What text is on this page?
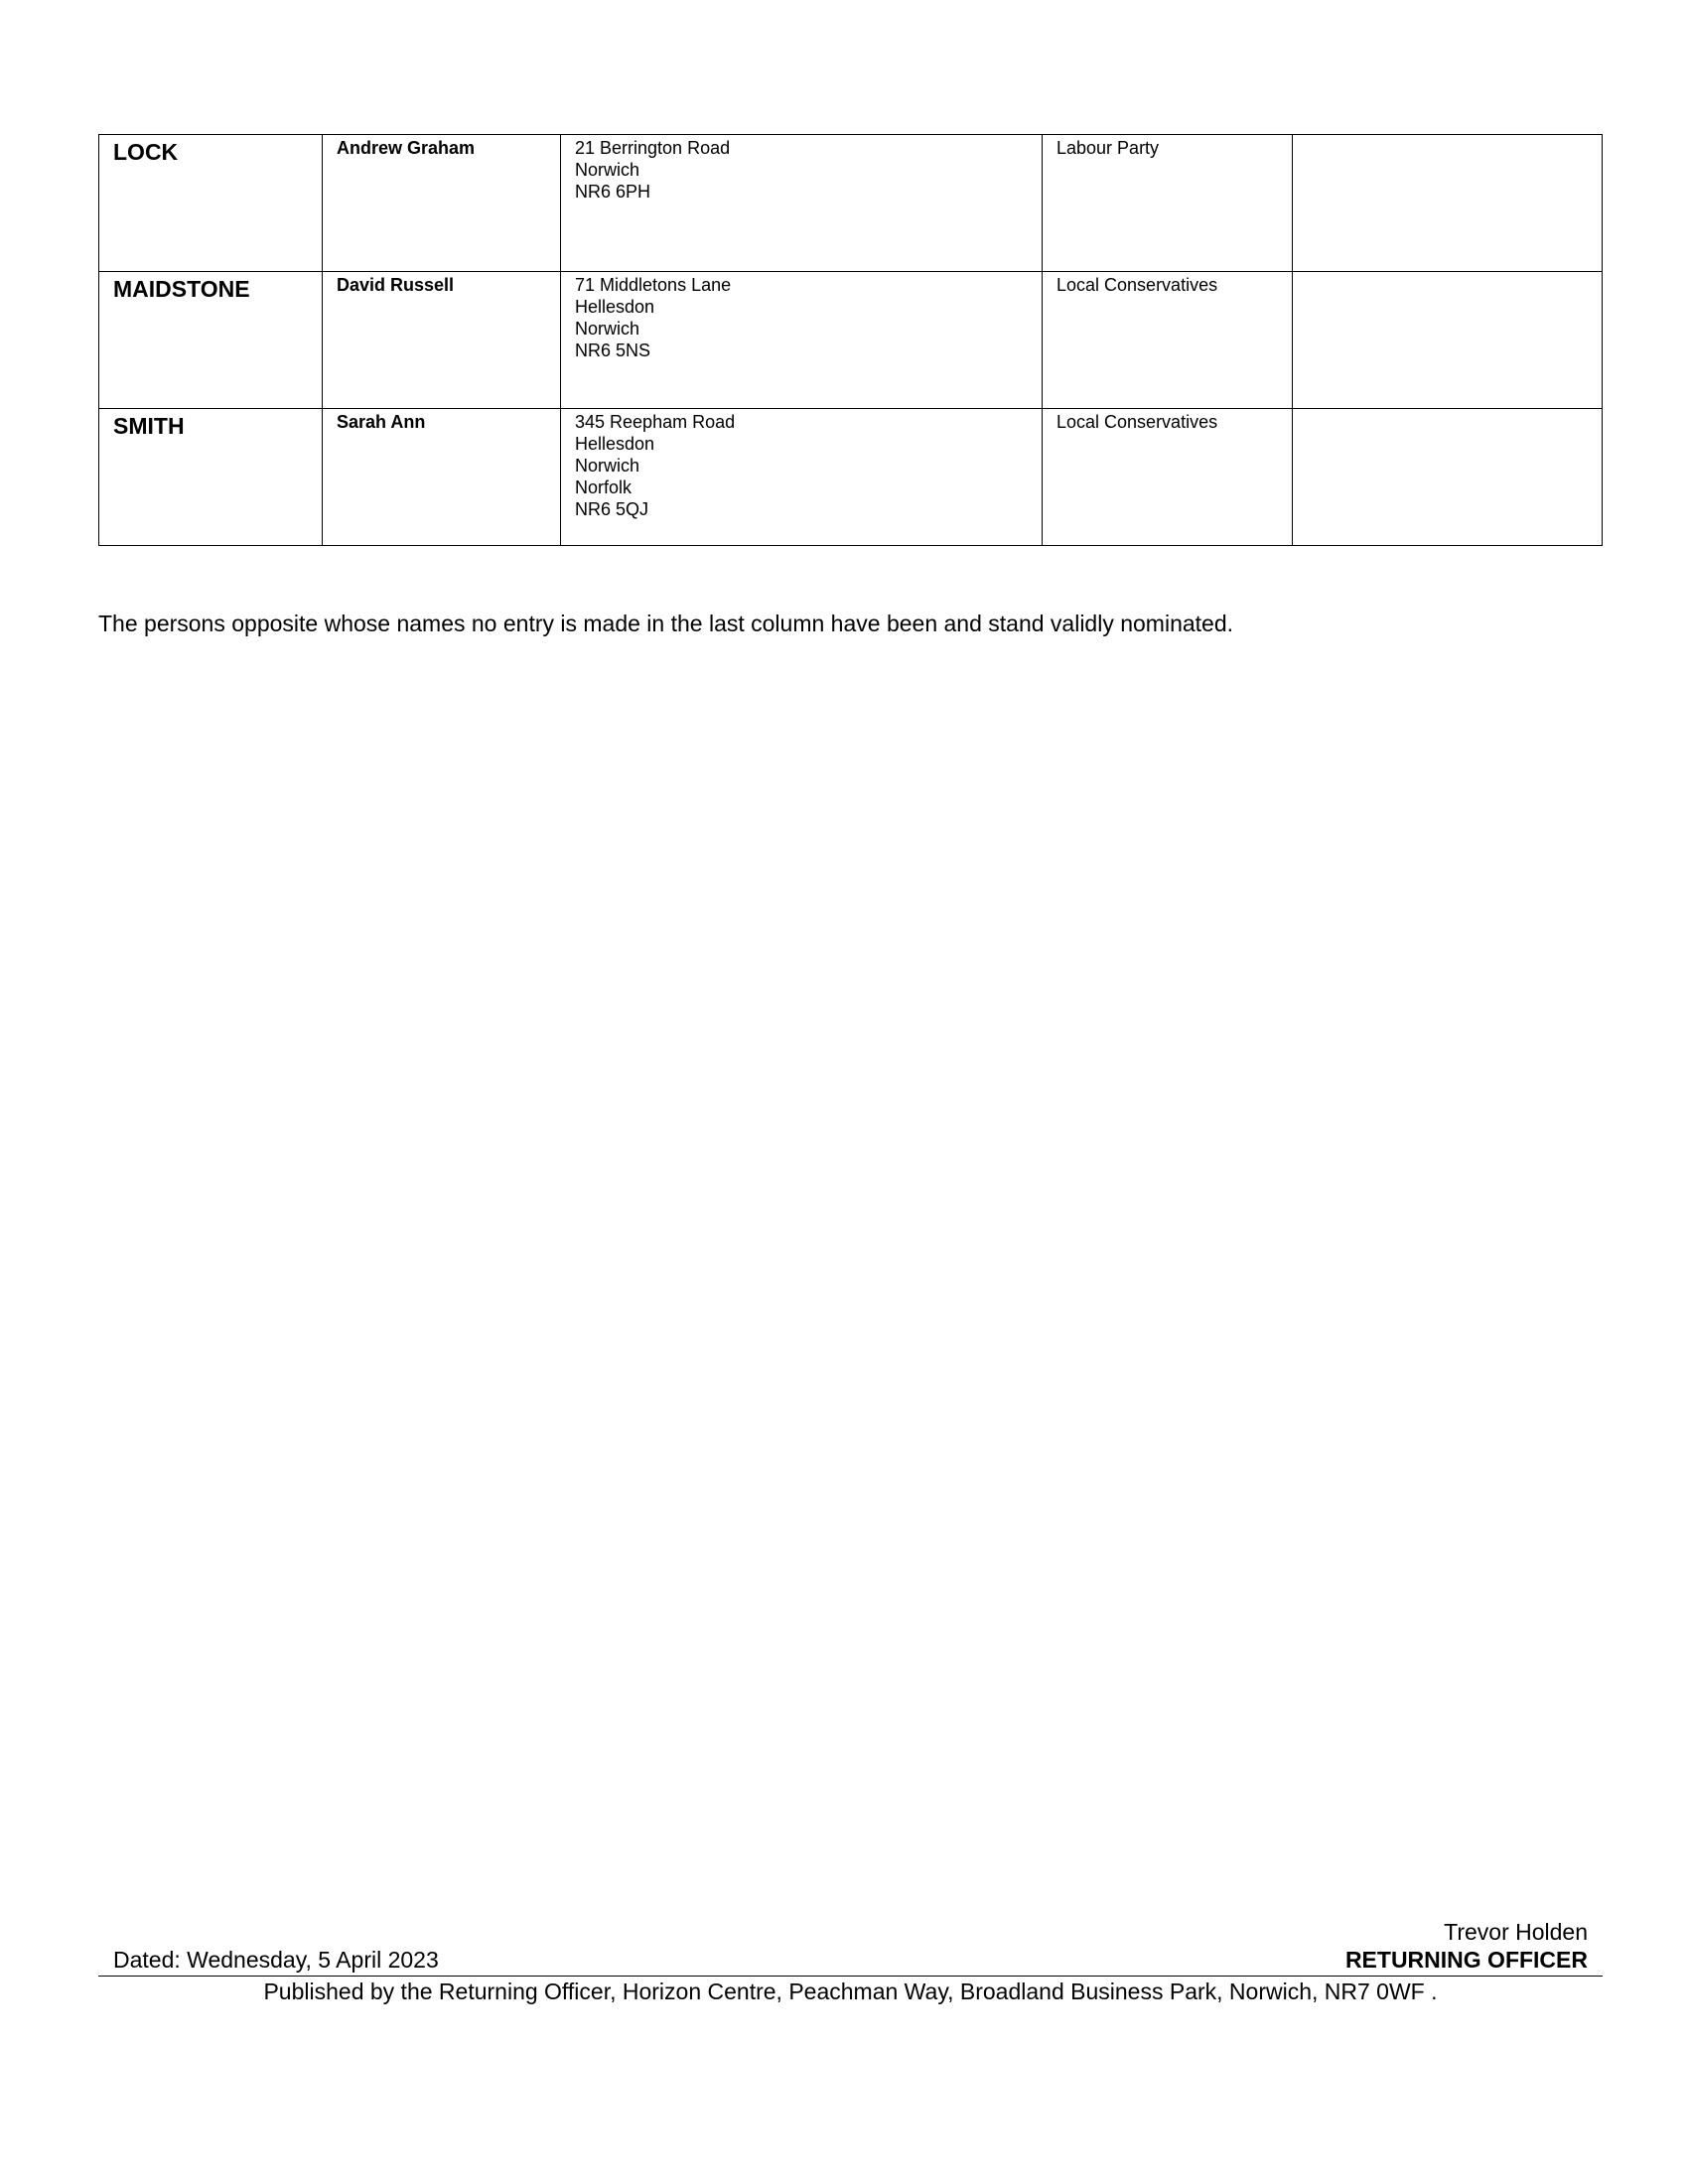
LOCK	Andrew Graham	21 Berrington Road
Norwich
NR6 6PH	Labour Party	

MAIDSTONE	David Russell	71 Middletons Lane
Hellesdon
Norwich
NR6 5NS	Local Conservatives	

SMITH	Sarah Ann	345 Reepham Road
Hellesdon
Norwich
Norfolk
NR6 5QJ	Local Conservatives	

The persons opposite whose names no entry is made in the last column have been and stand validly nominated.

Trevor Holden
Dated: Wednesday, 5 April 2023	RETURNING OFFICER
Published by the Returning Officer, Horizon Centre, Peachman Way, Broadland Business Park, Norwich, NR7 0WF .
